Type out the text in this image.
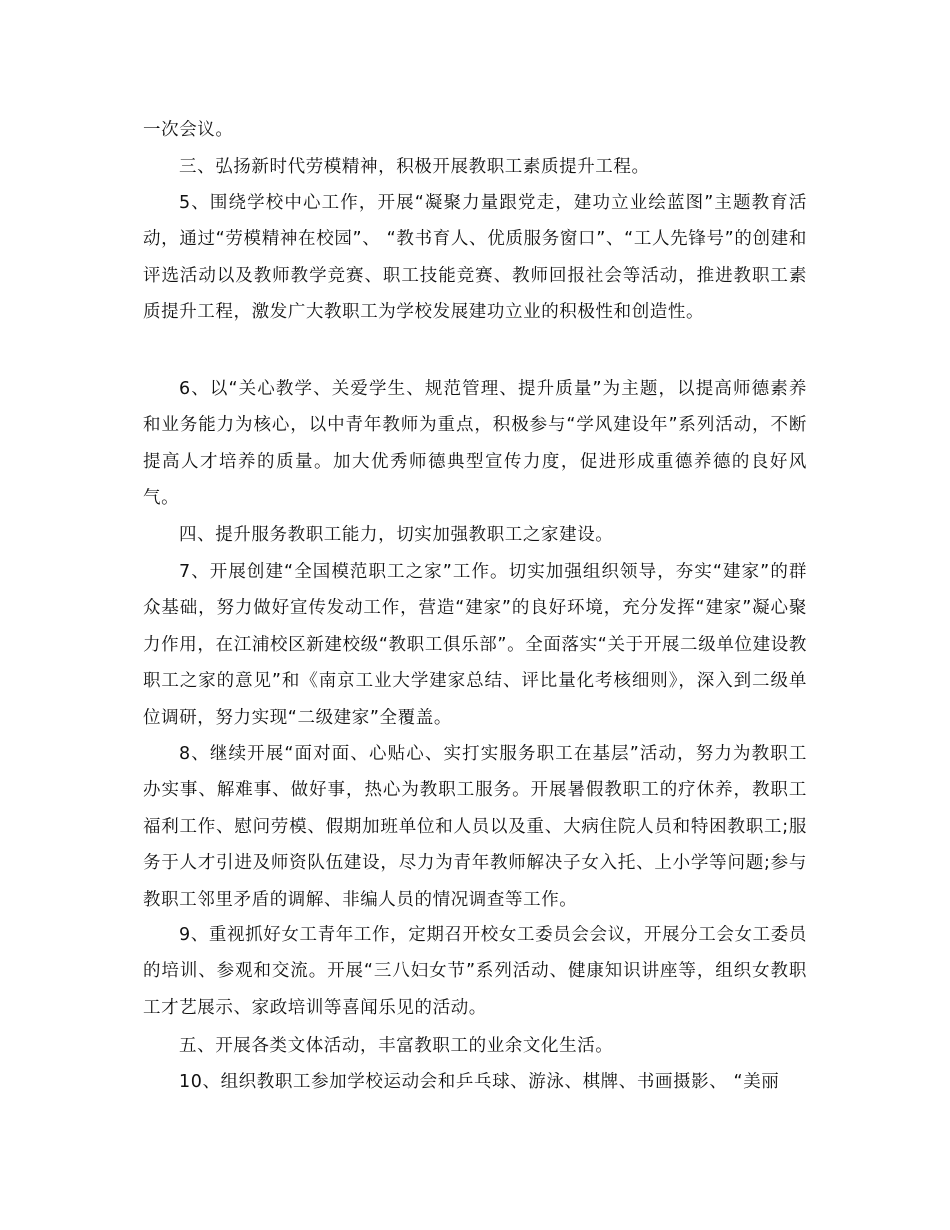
一次会议。

三、弘扬新时代劳模精神，积极开展教职工素质提升工程。

5、围绕学校中心工作，开展“凝聚力量跟党走，建功立业绘蓝图”主题教育活动，通过“劳模精神在校园”、 “教书育人、优质服务窗口”、“工人先锋号”的创建和评选活动以及教师教学竞赛、职工技能竞赛、教师回报社会等活动，推进教职工素质提升工程，激发广大教职工为学校发展建功立业的积极性和创造性。

6、以“关心教学、关爱学生、规范管理、提升质量”为主题，以提高师德素养和业务能力为核心，以中青年教师为重点，积极参与“学风建设年”系列活动，不断提高人才培养的质量。加大优秀师德典型宣传力度，促进形成重德养德的良好风气。

四、提升服务教职工能力，切实加强教职工之家建设。

7、开展创建“全国模范职工之家”工作。切实加强组织领导，夯实“建家”的群众基础，努力做好宣传发动工作，营造“建家”的良好环境，充分发挥“建家”凝心聚力作用，在江浦校区新建校级“教职工俱乐部”。全面落实“关于开展二级单位建设教职工之家的意见”和《南京工业大学建家总结、评比量化考核细则》，深入到二级单位调研，努力实现“二级建家”全覆盖。

8、继续开展“面对面、心贴心、实打实服务职工在基层”活动，努力为教职工办实事、解难事、做好事，热心为教职工服务。开展暑假教职工的疗休养，教职工福利工作、慰问劳模、假期加班单位和人员以及重、大病住院人员和特困教职工;服务于人才引进及师资队伍建设，尽力为青年教师解决子女入托、上小学等问题;参与教职工邻里矛盾的调解、非编人员的情况调查等工作。

9、重视抓好女工青年工作，定期召开校女工委员会会议，开展分工会女工委员的培训、参观和交流。开展“三八妇女节”系列活动、健康知识讲座等，组织女教职工才艺展示、家政培训等喜闻乐见的活动。

五、开展各类文体活动，丰富教职工的业余文化生活。

10、组织教职工参加学校运动会和乒乓球、游泳、棋牌、书画摄影、 “美丽
